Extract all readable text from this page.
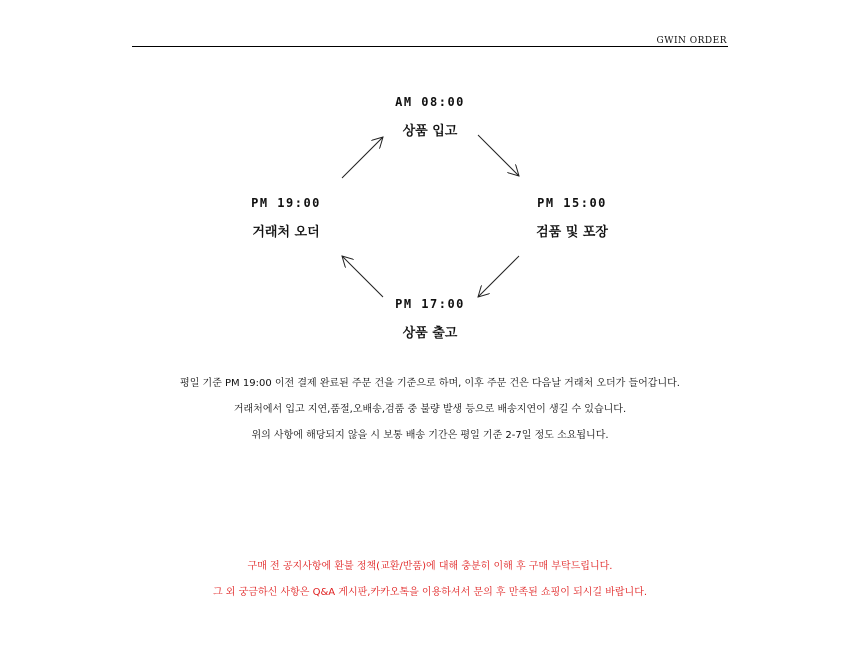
GWIN ORDER
AM 08:00
상품 입고
PM 15:00
검품 및 포장
PM 17:00
상품 출고
PM 19:00
거래처 오더
평일 기준 PM 19:00 이전 결제 완료된 주문 건을 기준으로 하며, 이후 주문 건은 다음날 거래처 오더가 들어갑니다.
거래처에서 입고 지연,품절,오배송,검품 중 불량 발생 등으로 배송지연이 생길 수 있습니다.
위의 사항에 해당되지 않을 시 보통 배송 기간은 평일 기준 2-7일 정도 소요됩니다.
구매 전 공지사항에 환불 정책(교환/반품)에 대해 충분히 이해 후 구매 부탁드립니다.
그 외 궁금하신 사항은 Q&A 게시판,카카오톡을 이용하셔서 문의 후 만족된 쇼핑이 되시길 바랍니다.
